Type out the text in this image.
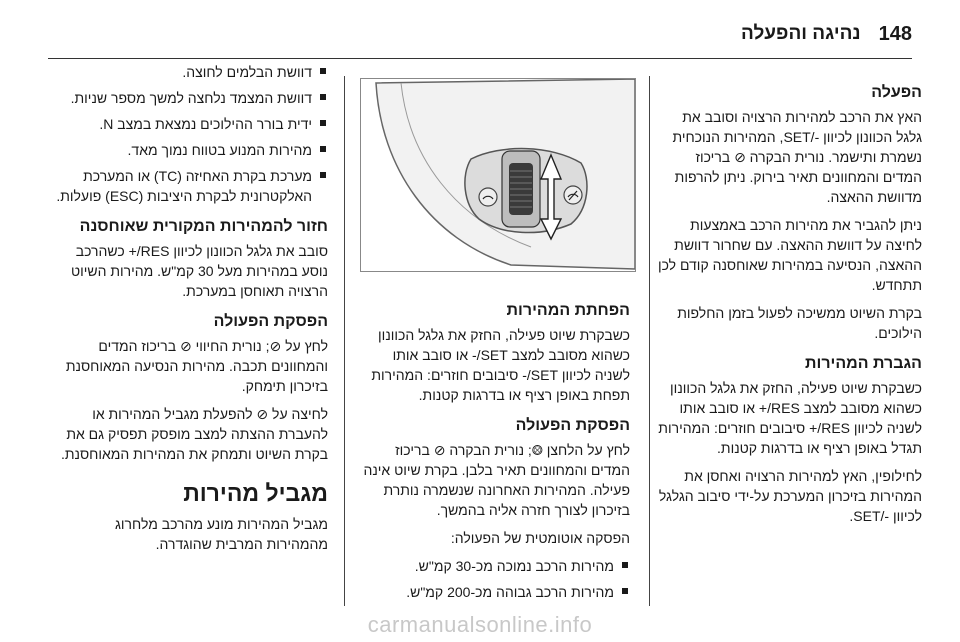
148
נהיגה והפעלה
הפעלה

האץ את הרכב למהירות הרצויה וסובב את גלגל הכוונון לכיוון SET/-‎, המהירות הנוכחית נשמרת ותישמר. נורית הבקרה ⦸ בריכוז המדים והמחוונים תאיר בירוק. ניתן להרפות מדוושת ההאצה.

ניתן להגביר את מהירות הרכב באמצעות לחיצה על דוושת ההאצה. עם שחרור דוושת ההאצה, הנסיעה במהירות שאוחסנה קודם לכן תתחדש.

בקרת השיוט ממשיכה לפעול בזמן החלפות הילוכים.

הגברת המהירות

כשבקרת שיוט פעילה, החזק את גלגל הכוונון כשהוא מסובב למצב RES/+ או סובב אותו לשניה לכיוון RES/+ סיבובים חוזרים: המהירות תגדל באופן רציף או בדרגות קטנות.

לחילופין, האץ למהירות הרצויה ואחסן את המהירות בזיכרון המערכת על-ידי סיבוב הגלגל לכיוון SET/-‎.

הפחתת המהירות

כשבקרת שיוט פעילה, החזק את גלגל הכוונון כשהוא מסובב למצב SET/- או סובב אותו לשניה לכיוון SET/- סיבובים חוזרים: המהירות תפחת באופן רציף או בדרגות קטנות.

הפסקת הפעולה

לחץ על הלחצן ⨷; נורית הבקרה ⦸ בריכוז המדים והמחוונים תאיר בלבן. בקרת שיוט אינה פעילה. המהירות האחרונה שנשמרה נותרת בזיכרון לצורך חזרה אליה בהמשך.

הפסקה אוטומטית של הפעולה:

מהירות הרכב נמוכה מכ-30 קמ"ש.
מהירות הרכב גבוהה מכ-200 קמ"ש.
דוושת הבלמים לחוצה.
דוושת המצמד נלחצה למשך מספר שניות.
ידית בורר ההילוכים נמצאת במצב N.
מהירות המנוע בטווח נמוך מאד.
מערכת בקרת האחיזה (TC) או המערכת האלקטרונית לבקרת היציבות (ESC) פועלות.
חזור להמהירות המקורית שאוחסנה

סובב את גלגל הכוונון לכיוון RES/+ כשהרכב נוסע במהירות מעל 30 קמ"ש. מהירות השיוט הרצויה תאוחסן במערכת.

הפסקת הפעולה

לחץ על ⦸; נורית החיווי ⦸ בריכוז המדים והמחוונים תכבה. מהירות הנסיעה המאוחסנת בזיכרון תימחק.

לחיצה על ⊘ להפעלת מגביל המהירות או להעברת ההצתה למצב מופסק תפסיק גם את בקרת השיוט ותמחק את המהירות המאוחסנת.

מגביל מהירות

מגביל המהירות מונע מהרכב מלחרוג מהמהירות המרבית שהוגדרה.

carmanualsonline.info
